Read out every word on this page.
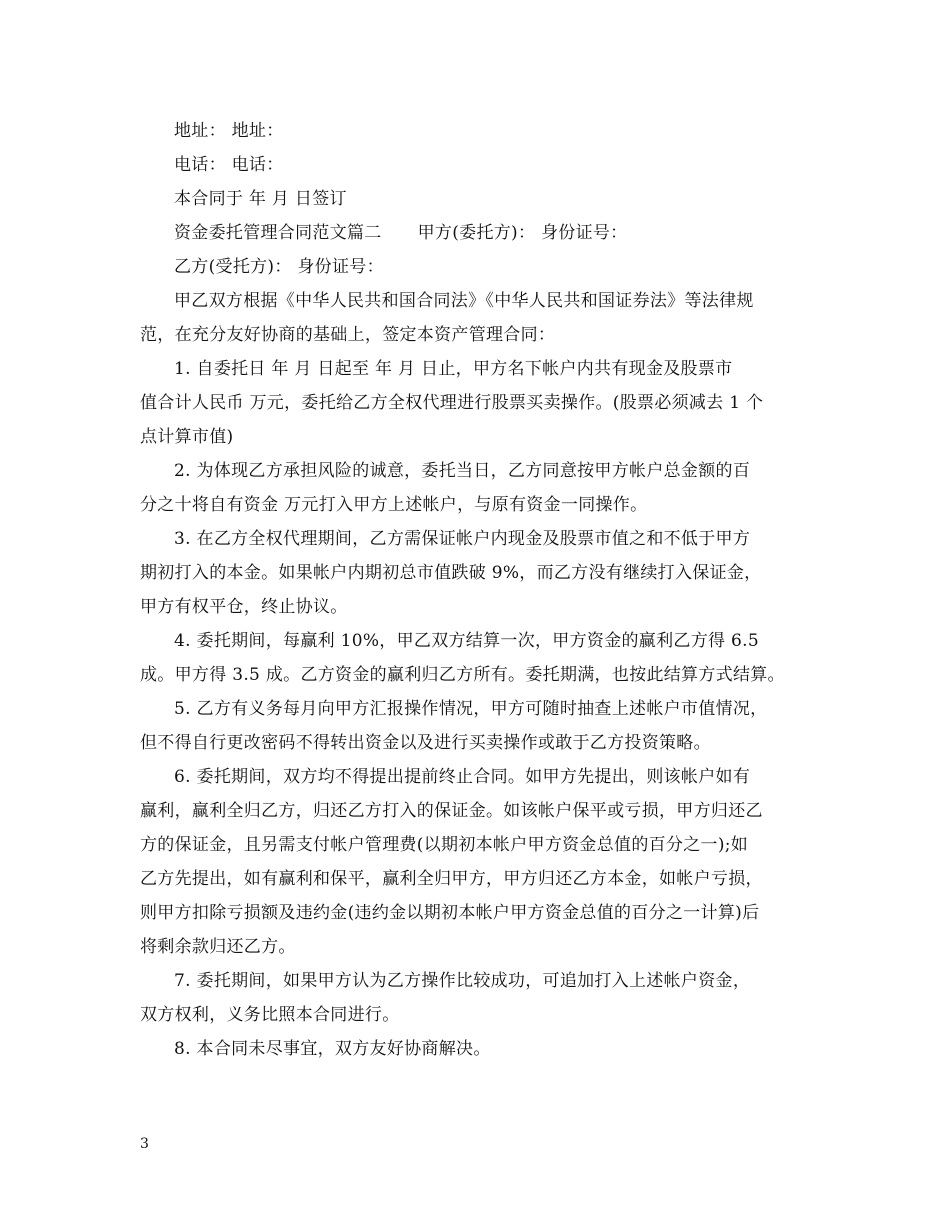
地址： 地址：
电话： 电话：
本合同于 年 月 日签订
资金委托管理合同范文篇二 甲方(委托方)： 身份证号：
乙方(受托方)： 身份证号：
甲乙双方根据《中华人民共和国合同法》《中华人民共和国证券法》等法律规
范，在充分友好协商的基础上，签定本资产管理合同：
1. 自委托日 年 月 日起至 年 月 日止，甲方名下帐户内共有现金及股票市
值合计人民币 万元，委托给乙方全权代理进行股票买卖操作。(股票必须减去 1 个
点计算市值)
2. 为体现乙方承担风险的诚意，委托当日，乙方同意按甲方帐户总金额的百
分之十将自有资金 万元打入甲方上述帐户，与原有资金一同操作。
3. 在乙方全权代理期间，乙方需保证帐户内现金及股票市值之和不低于甲方
期初打入的本金。如果帐户内期初总市值跌破 9%，而乙方没有继续打入保证金，
甲方有权平仓，终止协议。
4. 委托期间，每赢利 10%，甲乙双方结算一次，甲方资金的赢利乙方得 6.5
成。甲方得 3.5 成。乙方资金的赢利归乙方所有。委托期满，也按此结算方式结算。
5. 乙方有义务每月向甲方汇报操作情况，甲方可随时抽查上述帐户市值情况，
但不得自行更改密码不得转出资金以及进行买卖操作或敢于乙方投资策略。
6. 委托期间，双方均不得提出提前终止合同。如甲方先提出，则该帐户如有
赢利，赢利全归乙方，归还乙方打入的保证金。如该帐户保平或亏损，甲方归还乙
方的保证金，且另需支付帐户管理费(以期初本帐户甲方资金总值的百分之一);如
乙方先提出，如有赢利和保平，赢利全归甲方，甲方归还乙方本金，如帐户亏损，
则甲方扣除亏损额及违约金(违约金以期初本帐户甲方资金总值的百分之一计算)后
将剩余款归还乙方。
7. 委托期间，如果甲方认为乙方操作比较成功，可追加打入上述帐户资金，
双方权利，义务比照本合同进行。
8. 本合同未尽事宜，双方友好协商解决。
3
